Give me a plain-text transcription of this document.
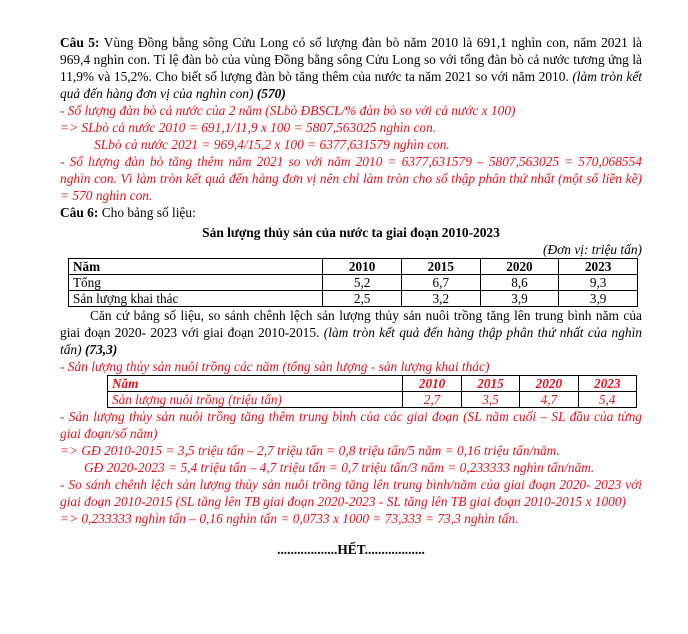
Câu 5: Vùng Đồng bằng sông Cửu Long có số lượng đàn bò năm 2010 là 691,1 nghìn con, năm 2021 là 969,4 nghìn con. Tỉ lệ đàn bò của vùng Đồng bằng sông Cửu Long so với tổng đàn bò cả nước tương ứng là 11,9% và 15,2%. Cho biết số lượng đàn bò tăng thêm của nước ta năm 2021 so với năm 2010. (làm tròn kết quả đến hàng đơn vị của nghìn con) (570)

- Số lượng đàn bò cả nước của 2 năm (SLbò ĐBSCL/% đàn bò so với cả nước x 100)

=> SLbò cả nước 2010 = 691,1/11,9 x 100 = 5807,563025 nghìn con.

SLbò cả nước 2021 = 969,4/15,2 x 100 = 6377,631579 nghìn con.

- Số lượng đàn bò tăng thêm năm 2021 so với năm 2010 = 6377,631579 – 5807,563025 = 570,068554 nghìn con. Vì làm tròn kết quả đến hàng đơn vị nên chỉ làm tròn cho số thập phân thứ nhất (một số liền kề) = 570 nghìn con.

Câu 6: Cho bảng số liệu:

Sản lượng thủy sản của nước ta giai đoạn 2010-2023

(Đơn vị: triệu tấn)

Năm	2010	2015	2020	2023
Tổng	5,2	6,7	8,6	9,3
Sản lượng khai thác	2,5	3,2	3,9	3,9

Căn cứ bảng số liệu, so sánh chênh lệch sản lượng thủy sản nuôi trồng tăng lên trung bình năm của giai đoạn 2020- 2023 với giai đoạn 2010-2015. (làm tròn kết quả đến hàng thập phân thứ nhất của nghìn tấn) (73,3)

- Sản lượng thủy sản nuôi trồng các năm (tổng sản lượng - sản lượng khai thác)

Năm	2010	2015	2020	2023
Sản lượng nuôi trồng (triệu tấn)	2,7	3,5	4,7	5,4

- Sản lượng thủy sản nuôi trồng tăng thêm trung bình của các giai đoạn (SL năm cuối – SL đầu của từng giai đoạn/số năm)

=> GĐ 2010-2015 = 3,5 triệu tấn – 2,7 triệu tấn = 0,8 triệu tấn/5 năm = 0,16 triệu tấn/năm.

GĐ 2020-2023 = 5,4 triệu tấn – 4,7 triệu tấn = 0,7 triệu tấn/3 năm = 0,233333 nghìn tấn/năm.

- So sánh chênh lệch sản lượng thủy sản nuôi trồng tăng lên trung bình/năm của giai đoạn 2020- 2023 với giai đoạn 2010-2015 (SL tăng lên TB giai đoạn 2020-2023 - SL tăng lên TB giai đoạn 2010-2015 x 1000)

=> 0,233333 nghìn tấn – 0,16 nghìn tấn = 0,0733 x 1000 = 73,333 = 73,3 nghìn tấn.

..................HẾT..................
